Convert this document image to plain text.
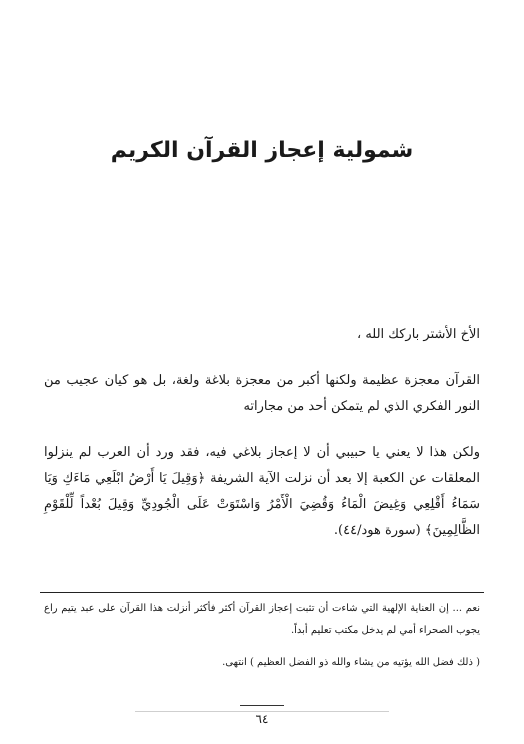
شمولية إعجاز القرآن الكريم
الأخ الأشتر باركك الله ،
القرآن معجزة عظيمة ولكنها أكبر من معجزة بلاغة ولغة، بل هو كيان عجيب من النور الفكري الذي لم يتمكن أحد من مجاراته
ولكن هذا لا يعني يا حبيبي أن لا إعجاز بلاغي فيه، فقد ورد أن العرب لم ينزلوا المعلقات عن الكعبة إلا بعد أن نزلت الآية الشريفة ﴿وَقِيلَ يَا أَرْضُ ابْلَعِي مَاءَكِ وَيَا سَمَاءُ أَقْلِعِي وَغِيضَ الْمَاءُ وَقُضِيَ الْأَمْرُ وَاسْتَوَتْ عَلَى الْجُودِيِّ وَقِيلَ بُعْداً لِّلْقَوْمِ الظَّالِمِينَ﴾ (سورة هود/٤٤).
نعم ... إن العناية الإلهية التي شاءت أن تثبت إعجاز القرآن أكثر فأكثر أنزلت هذا القرآن على عبد يتيم راع يجوب الصحراء أمي لم يدخل مكتب تعليم أبداً.
( ذلك فضل الله يؤتيه من يشاء والله ذو الفضل العظيم ) انتهى.
٦٤
